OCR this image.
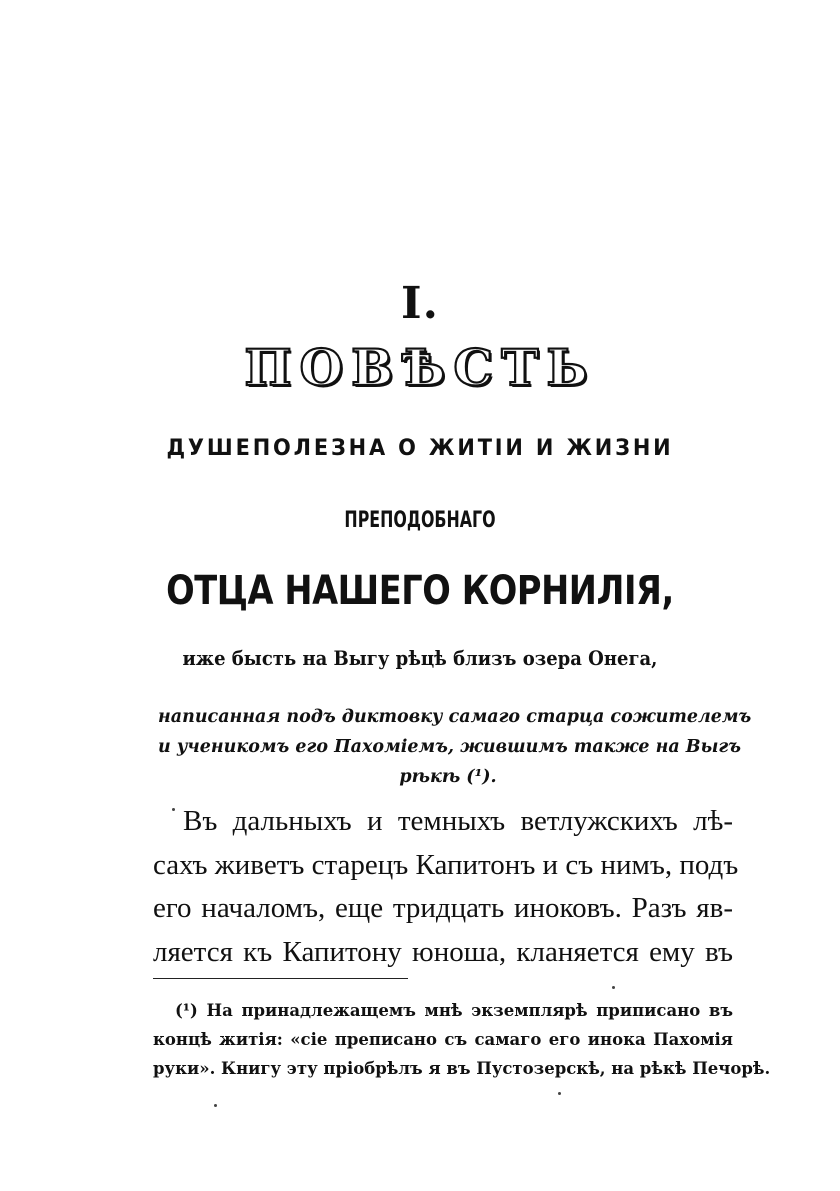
I.
ПОВѢСТЬ
ДУШЕПОЛЕЗНА О ЖИТІИ И ЖИЗНИ
ПРЕПОДОБНАГО
ОТЦА НАШЕГО КОРНИЛІЯ,
иже бысть на Выгу рѣцѣ близъ озера Онега,
написанная подъ диктовку самаго старца сожителемъ
и ученикомъ его Пахоміемъ, жившимъ также на Выгъ
рѣкѣ (¹).
Въ дальныхъ и темныхъ ветлужскихъ лѣ-
сахъ живетъ старецъ Капитонъ и съ нимъ, подъ
его началомъ, еще тридцать иноковъ. Разъ яв-
ляется къ Капитону юноша, кланяется ему въ
(¹) На принадлежащемъ мнѣ экземплярѣ приписано въ
концѣ житія: «сіе преписано съ самаго его инока Пахомія
руки». Книгу эту пріобрѣлъ я въ Пустозерскѣ, на рѣкѣ Печорѣ.
